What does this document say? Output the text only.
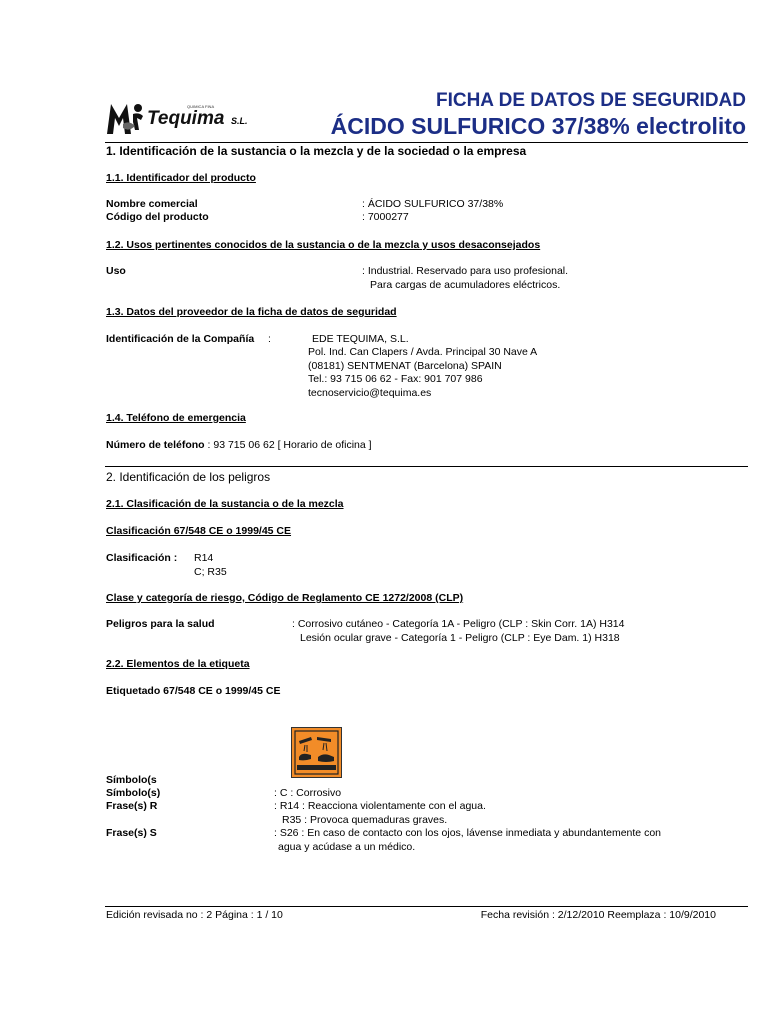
QUIMICA FINA
Tequima S.L.
FICHA DE DATOS DE SEGURIDAD
ÁCIDO SULFURICO 37/38% electrolito
1. Identificación de la sustancia o la mezcla y de la sociedad o la empresa
1.1. Identificador del producto
Nombre comercial	: ÁCIDO SULFURICO 37/38%
Código del producto	: 7000277
1.2. Usos pertinentes conocidos de la sustancia o de la mezcla y usos desaconsejados
Uso	: Industrial. Reservado para uso profesional.
Para cargas de acumuladores eléctricos.
1.3. Datos del proveedor de la ficha de datos de seguridad
Identificación de la Compañía :	EDE TEQUIMA, S.L.
Pol. Ind. Can Clapers / Avda. Principal 30 Nave A
(08181) SENTMENAT (Barcelona) SPAIN
Tel.: 93 715 06 62 - Fax: 901 707 986
tecnoservicio@tequima.es
1.4. Teléfono de emergencia
Número de teléfono : 93 715 06 62 [ Horario de oficina ]
2. Identificación de los peligros
2.1. Clasificación de la sustancia o de la mezcla
Clasificación 67/548 CE o 1999/45 CE
Clasificación : R14
C; R35
Clase y categoría de riesgo, Código de Reglamento CE 1272/2008 (CLP)
Peligros para la salud	: Corrosivo cutáneo - Categoría 1A - Peligro (CLP : Skin Corr. 1A) H314
Lesión ocular grave - Categoría 1 - Peligro (CLP : Eye Dam. 1) H318
2.2. Elementos de la etiqueta
Etiquetado 67/548 CE o 1999/45 CE
Símbolo(s
Símbolo(s)	: C : Corrosivo
Frase(s) R	: R14 : Reacciona violentamente con el agua.
R35 : Provoca quemaduras graves.
Frase(s) S	: S26 : En caso de contacto con los ojos, lávense inmediata y abundantemente con
agua y acúdase a un médico.
Edición revisada no : 2 Página : 1 / 10	Fecha revisión : 2/12/2010 Reemplaza : 10/9/2010
